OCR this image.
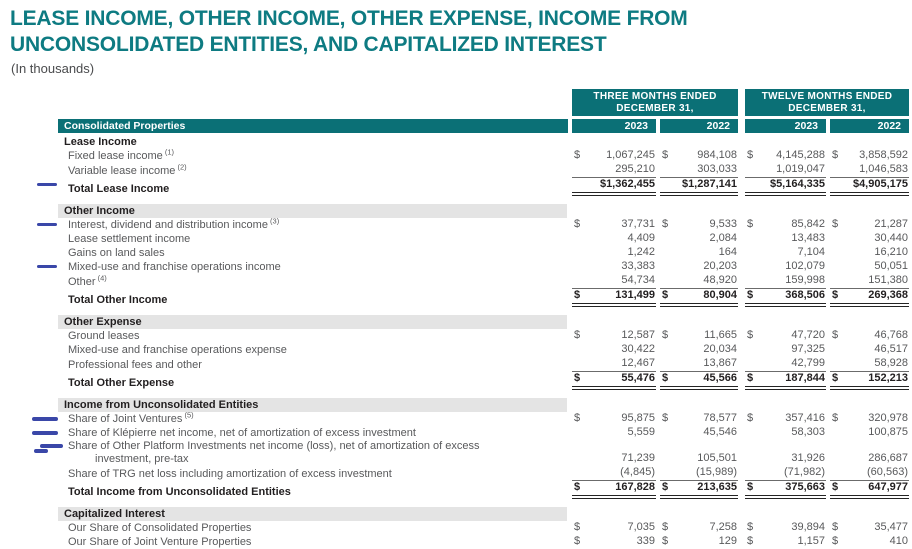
LEASE INCOME, OTHER INCOME, OTHER EXPENSE, INCOME FROM
UNCONSOLIDATED ENTITIES, AND CAPITALIZED INTEREST
(In thousands)
THREE MONTHS ENDED
DECEMBER 31,
TWELVE MONTHS ENDED
DECEMBER 31,
Consolidated Properties	2023	2022	2023	2022
Lease Income
Fixed lease income $^{(1)}$	$ 1,067,245 $	984,108 $ 4,145,288 $ 3,858,592
Variable lease income $^{(2)}$	295,210	303,033	1,019,047	1,046,583
Total Lease Income	$ 1,362,455 $ 1,287,141	$ 5,164,335	$ 4,905,175
Other Income
Interest, dividend and distribution income $^{(3)}$	$	37,731 $	9,533 $	85,842 $	21,287
Lease settlement income	4,409	2,084	13,483	30,440
Gains on land sales	1,242	164	7,104	16,210
Mixed-use and franchise operations income	33,383	20,203	102,079	50,051
Other $^{(4)}$	54,734	48,920	159,998	151,380
Total Other Income	$	131,499 $	80,904 $	368,506 $	269,368
Other Expense
Ground leases	$	12,587 $	11,665 $	47,720 $	46,768
Mixed-use and franchise operations expense	30,422	20,034	97,325	46,517
Professional fees and other	12,467	13,867	42,799	58,928
Total Other Expense	$	55,476 $	45,566 $	187,844 $	152,213
Income from Unconsolidated Entities
Share of Joint Ventures $^{(5)}$	$	95,875 $	78,577 $	357,416 $	320,978
Share of Klépierre net income, net of amortization of excess investment	5,559	45,546	58,303	100,875
Share of Other Platform Investments net income (loss), net of amortization of excess
investment, pre-tax	71,239	105,501	31,926	286,687
Share of TRG net loss including amortization of excess investment	(4,845)	(15,989)	(71,982)	(60,563)
Total Income from Unconsolidated Entities	$	167,828 $	213,635 $	375,663 $	647,977
Capitalized Interest
Our Share of Consolidated Properties	$	7,035 $	7,258 $	39,894 $	35,477
Our Share of Joint Venture Properties	$	339 $	129 $	1,157 $	410
